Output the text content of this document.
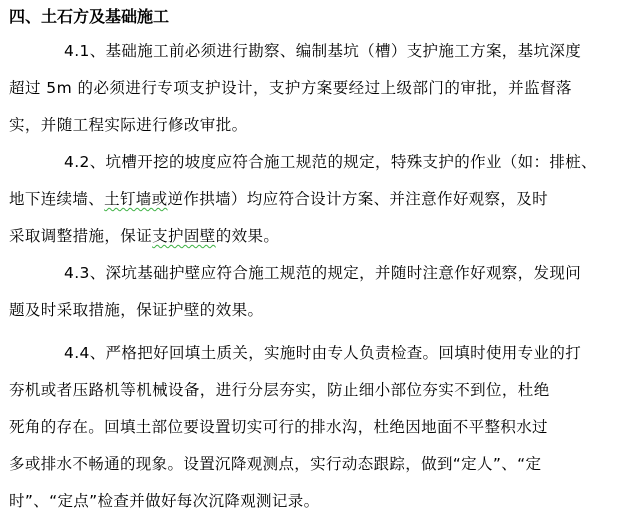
四、土石方及基础施工
4.1、基础施工前必须进行勘察、编制基坑（槽）支护施工方案，基坑深度
超过 5m 的必须进行专项支护设计，支护方案要经过上级部门的审批，并监督落
实，并随工程实际进行修改审批。
4.2、坑槽开挖的坡度应符合施工规范的规定，特殊支护的作业（如：排桩、
地下连续墙、土钉墙或逆作拱墙）均应符合设计方案、并注意作好观察，及时
采取调整措施，保证支护固壁的效果。
4.3、深坑基础护壁应符合施工规范的规定，并随时注意作好观察，发现问
题及时采取措施，保证护壁的效果。
4.4、严格把好回填土质关，实施时由专人负责检查。回填时使用专业的打
夯机或者压路机等机械设备，进行分层夯实，防止细小部位夯实不到位，杜绝
死角的存在。回填土部位要设置切实可行的排水沟，杜绝因地面不平整积水过
多或排水不畅通的现象。设置沉降观测点，实行动态跟踪，做到“定人”、“定
时”、“定点”检查并做好每次沉降观测记录。
